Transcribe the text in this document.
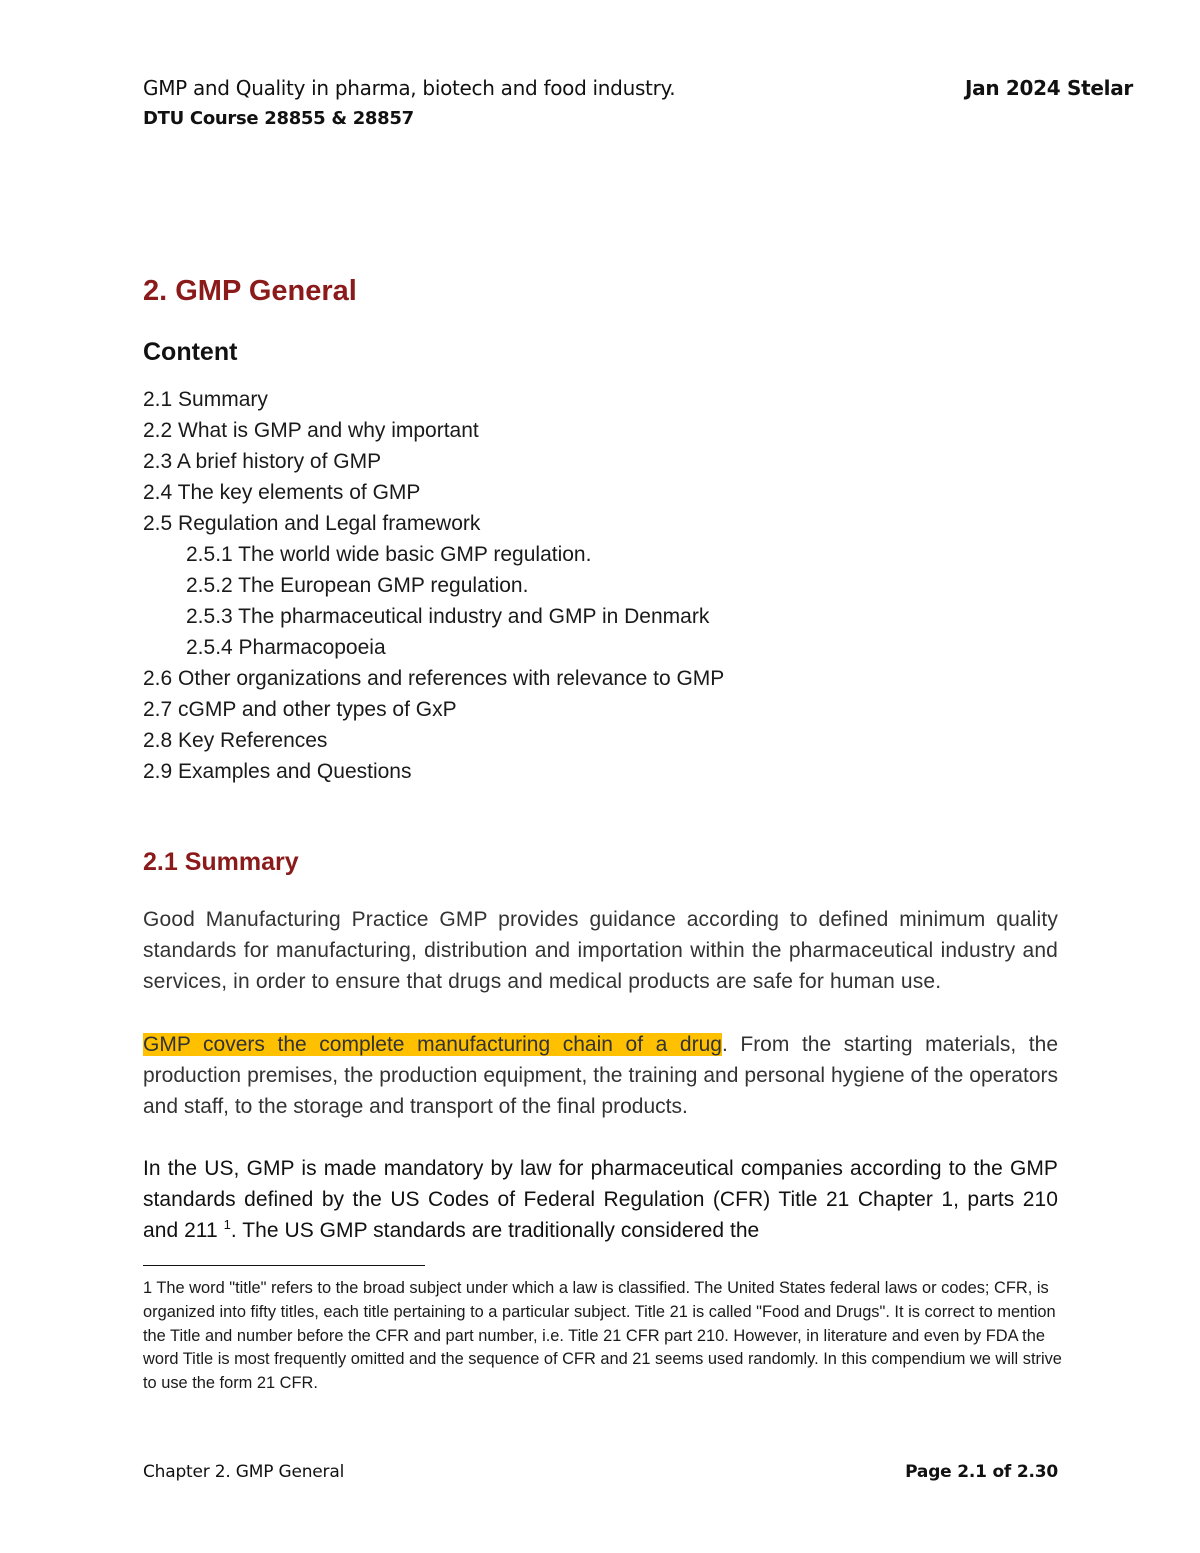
GMP and Quality in pharma, biotech and food industry.	Jan 2024 Stelar
DTU Course 28855 & 28857
2. GMP General
Content
2.1 Summary
2.2 What is GMP and why important
2.3 A brief history of GMP
2.4 The key elements of GMP
2.5 Regulation and Legal framework
2.5.1 The world wide basic GMP regulation.
2.5.2 The European GMP regulation.
2.5.3 The pharmaceutical industry and GMP in Denmark
2.5.4 Pharmacopoeia
2.6 Other organizations and references with relevance to GMP
2.7 cGMP and other types of GxP
2.8 Key References
2.9 Examples and Questions
2.1 Summary

Good Manufacturing Practice GMP provides guidance according to defined minimum quality standards for manufacturing, distribution and importation within the pharmaceutical industry and services, in order to ensure that drugs and medical products are safe for human use.

GMP covers the complete manufacturing chain of a drug. From the starting materials, the production premises, the production equipment, the training and personal hygiene of the operators and staff, to the storage and transport of the final products.

In the US, GMP is made mandatory by law for pharmaceutical companies according to the GMP standards defined by the US Codes of Federal Regulation (CFR) Title 21 Chapter 1, parts 210 and 211 $^1$. The US GMP standards are traditionally considered the

1 The word "title" refers to the broad subject under which a law is classified. The United States federal laws or codes; CFR, is organized into fifty titles, each title pertaining to a particular subject. Title 21 is called "Food and Drugs". It is correct to mention the Title and number before the CFR and part number, i.e. Title 21 CFR part 210. However, in literature and even by FDA the word Title is most frequently omitted and the sequence of CFR and 21 seems used randomly. In this compendium we will strive to use the form 21 CFR.

Chapter 2. GMP General	Page 2.1 of 2.30
